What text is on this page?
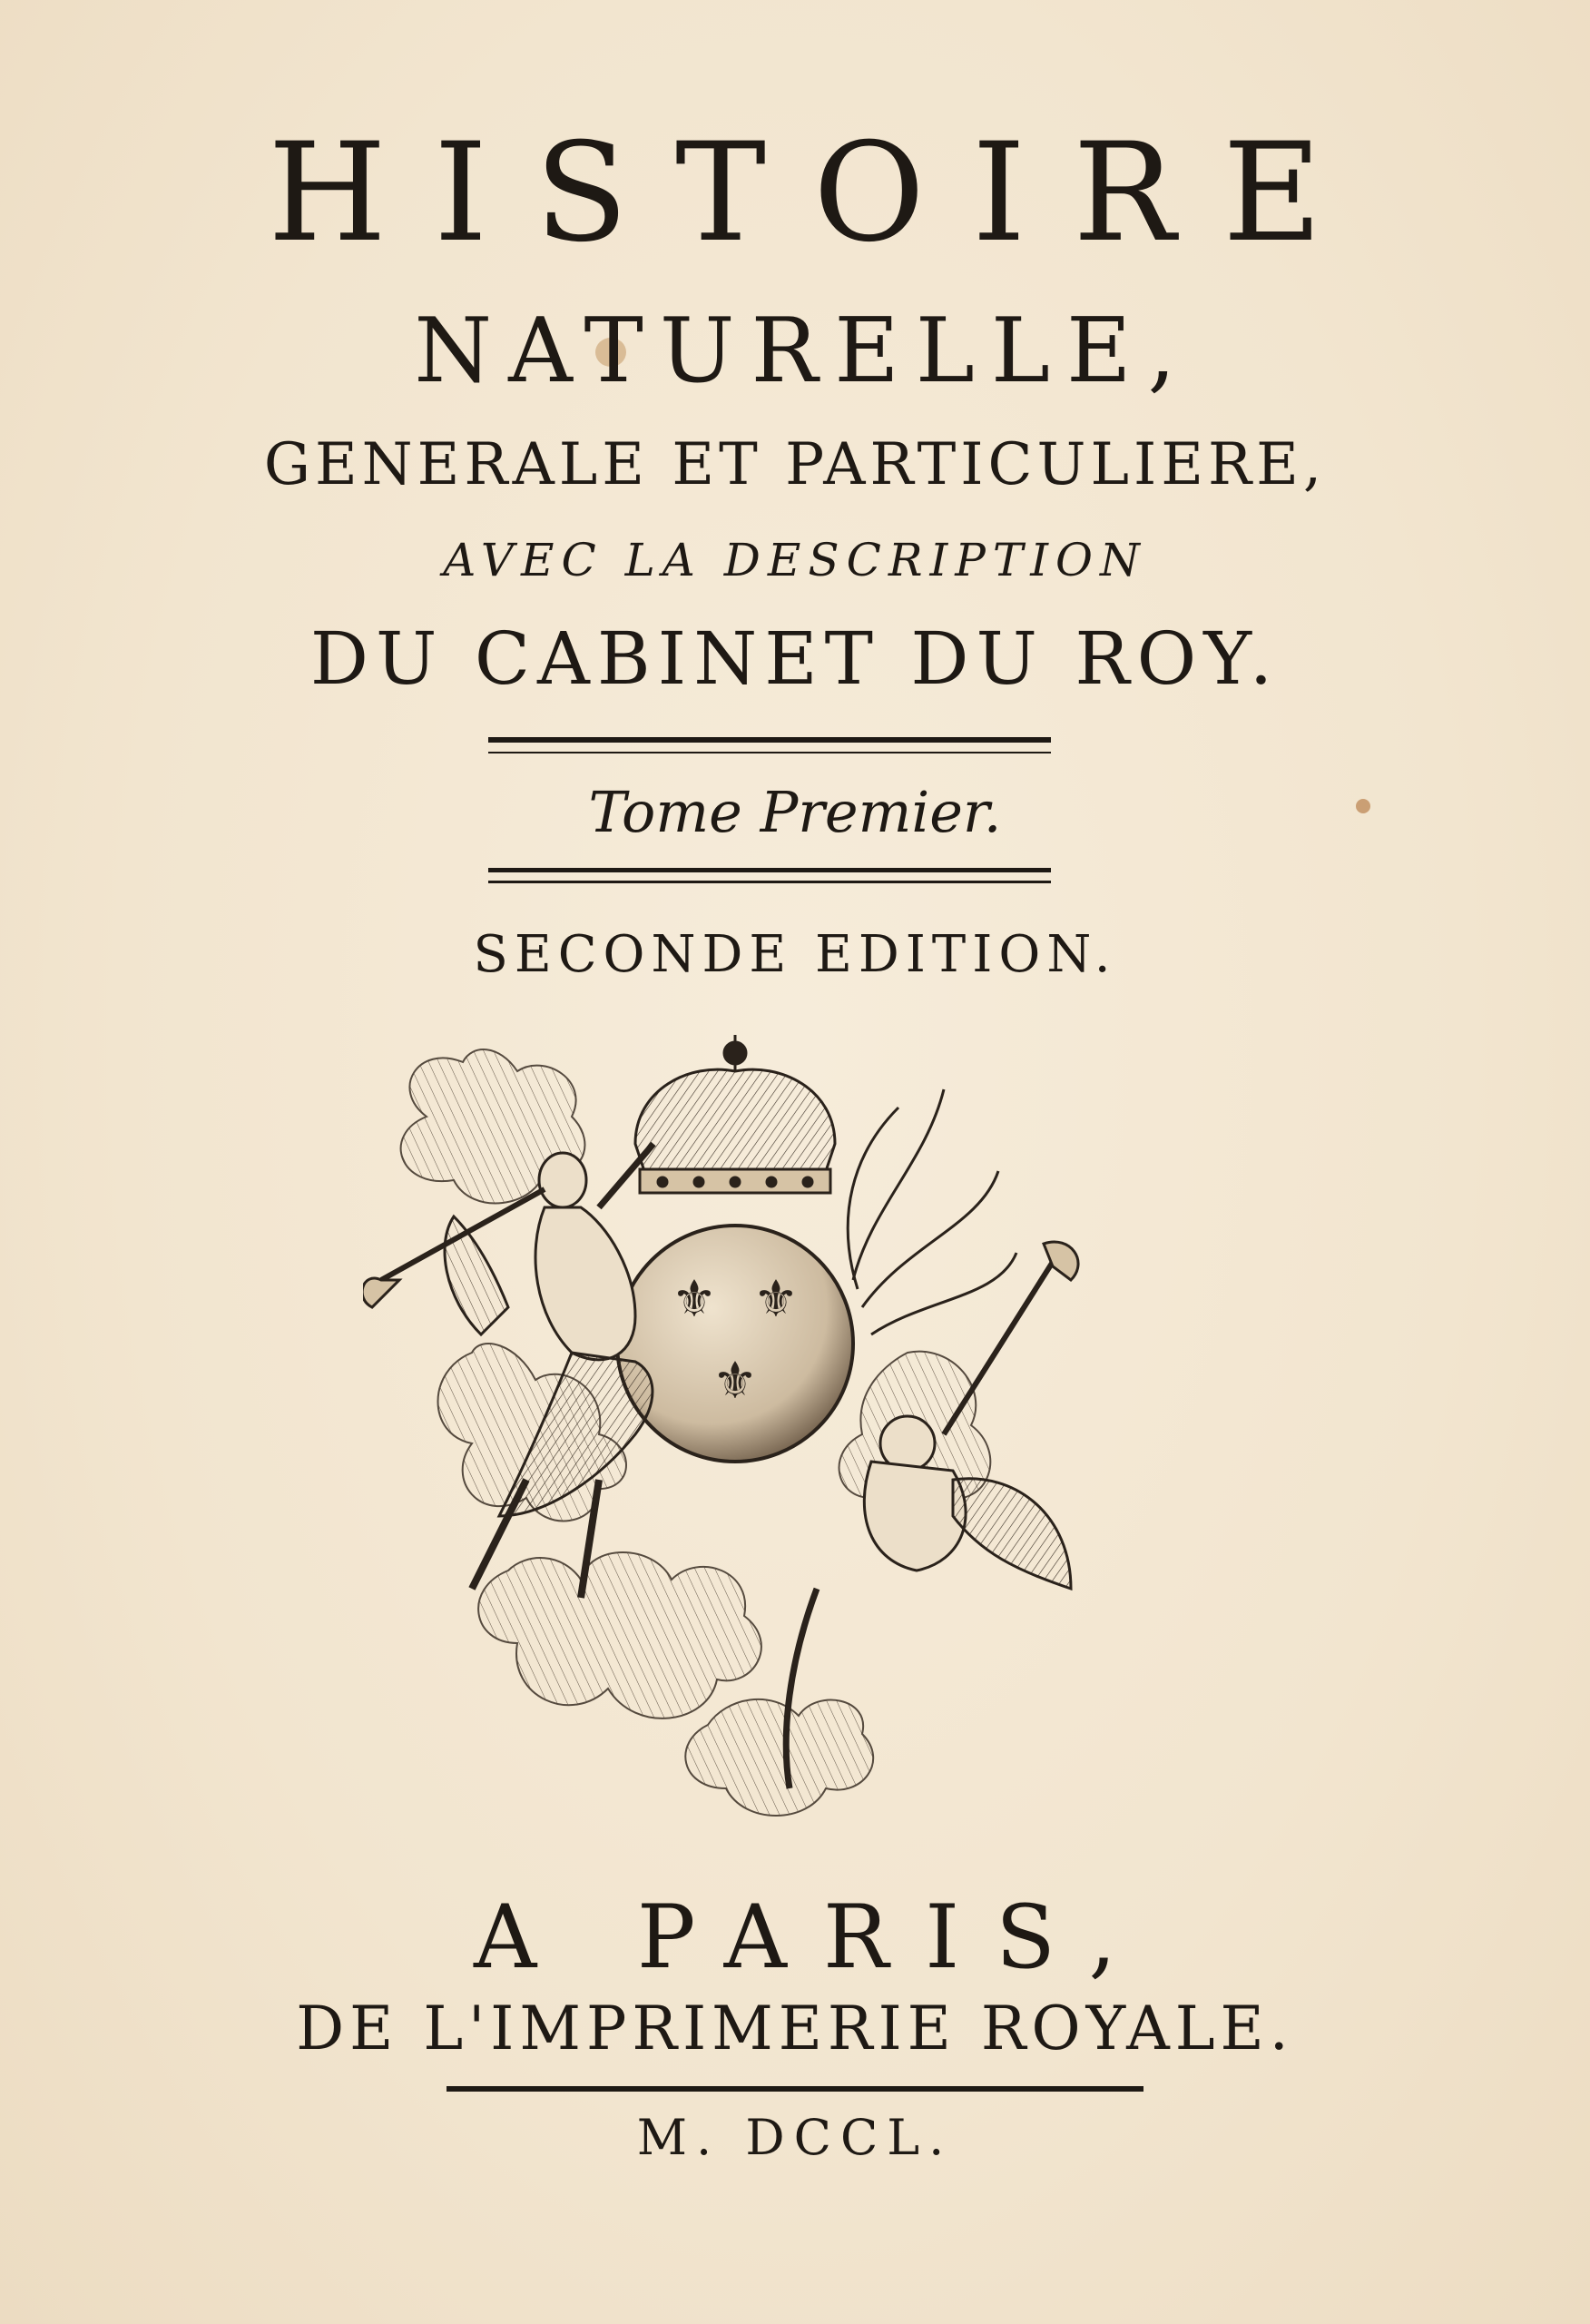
HISTOIRE
NATURELLE,
GENERALE ET PARTICULIERE,
AVEC LA DESCRIPTION
DU CABINET DU ROY.
Tome Premier.
SECONDE EDITION.
⚜ ⚜
⚜
A PARIS,
DE L'IMPRIMERIE ROYALE.
M. DCCL.
